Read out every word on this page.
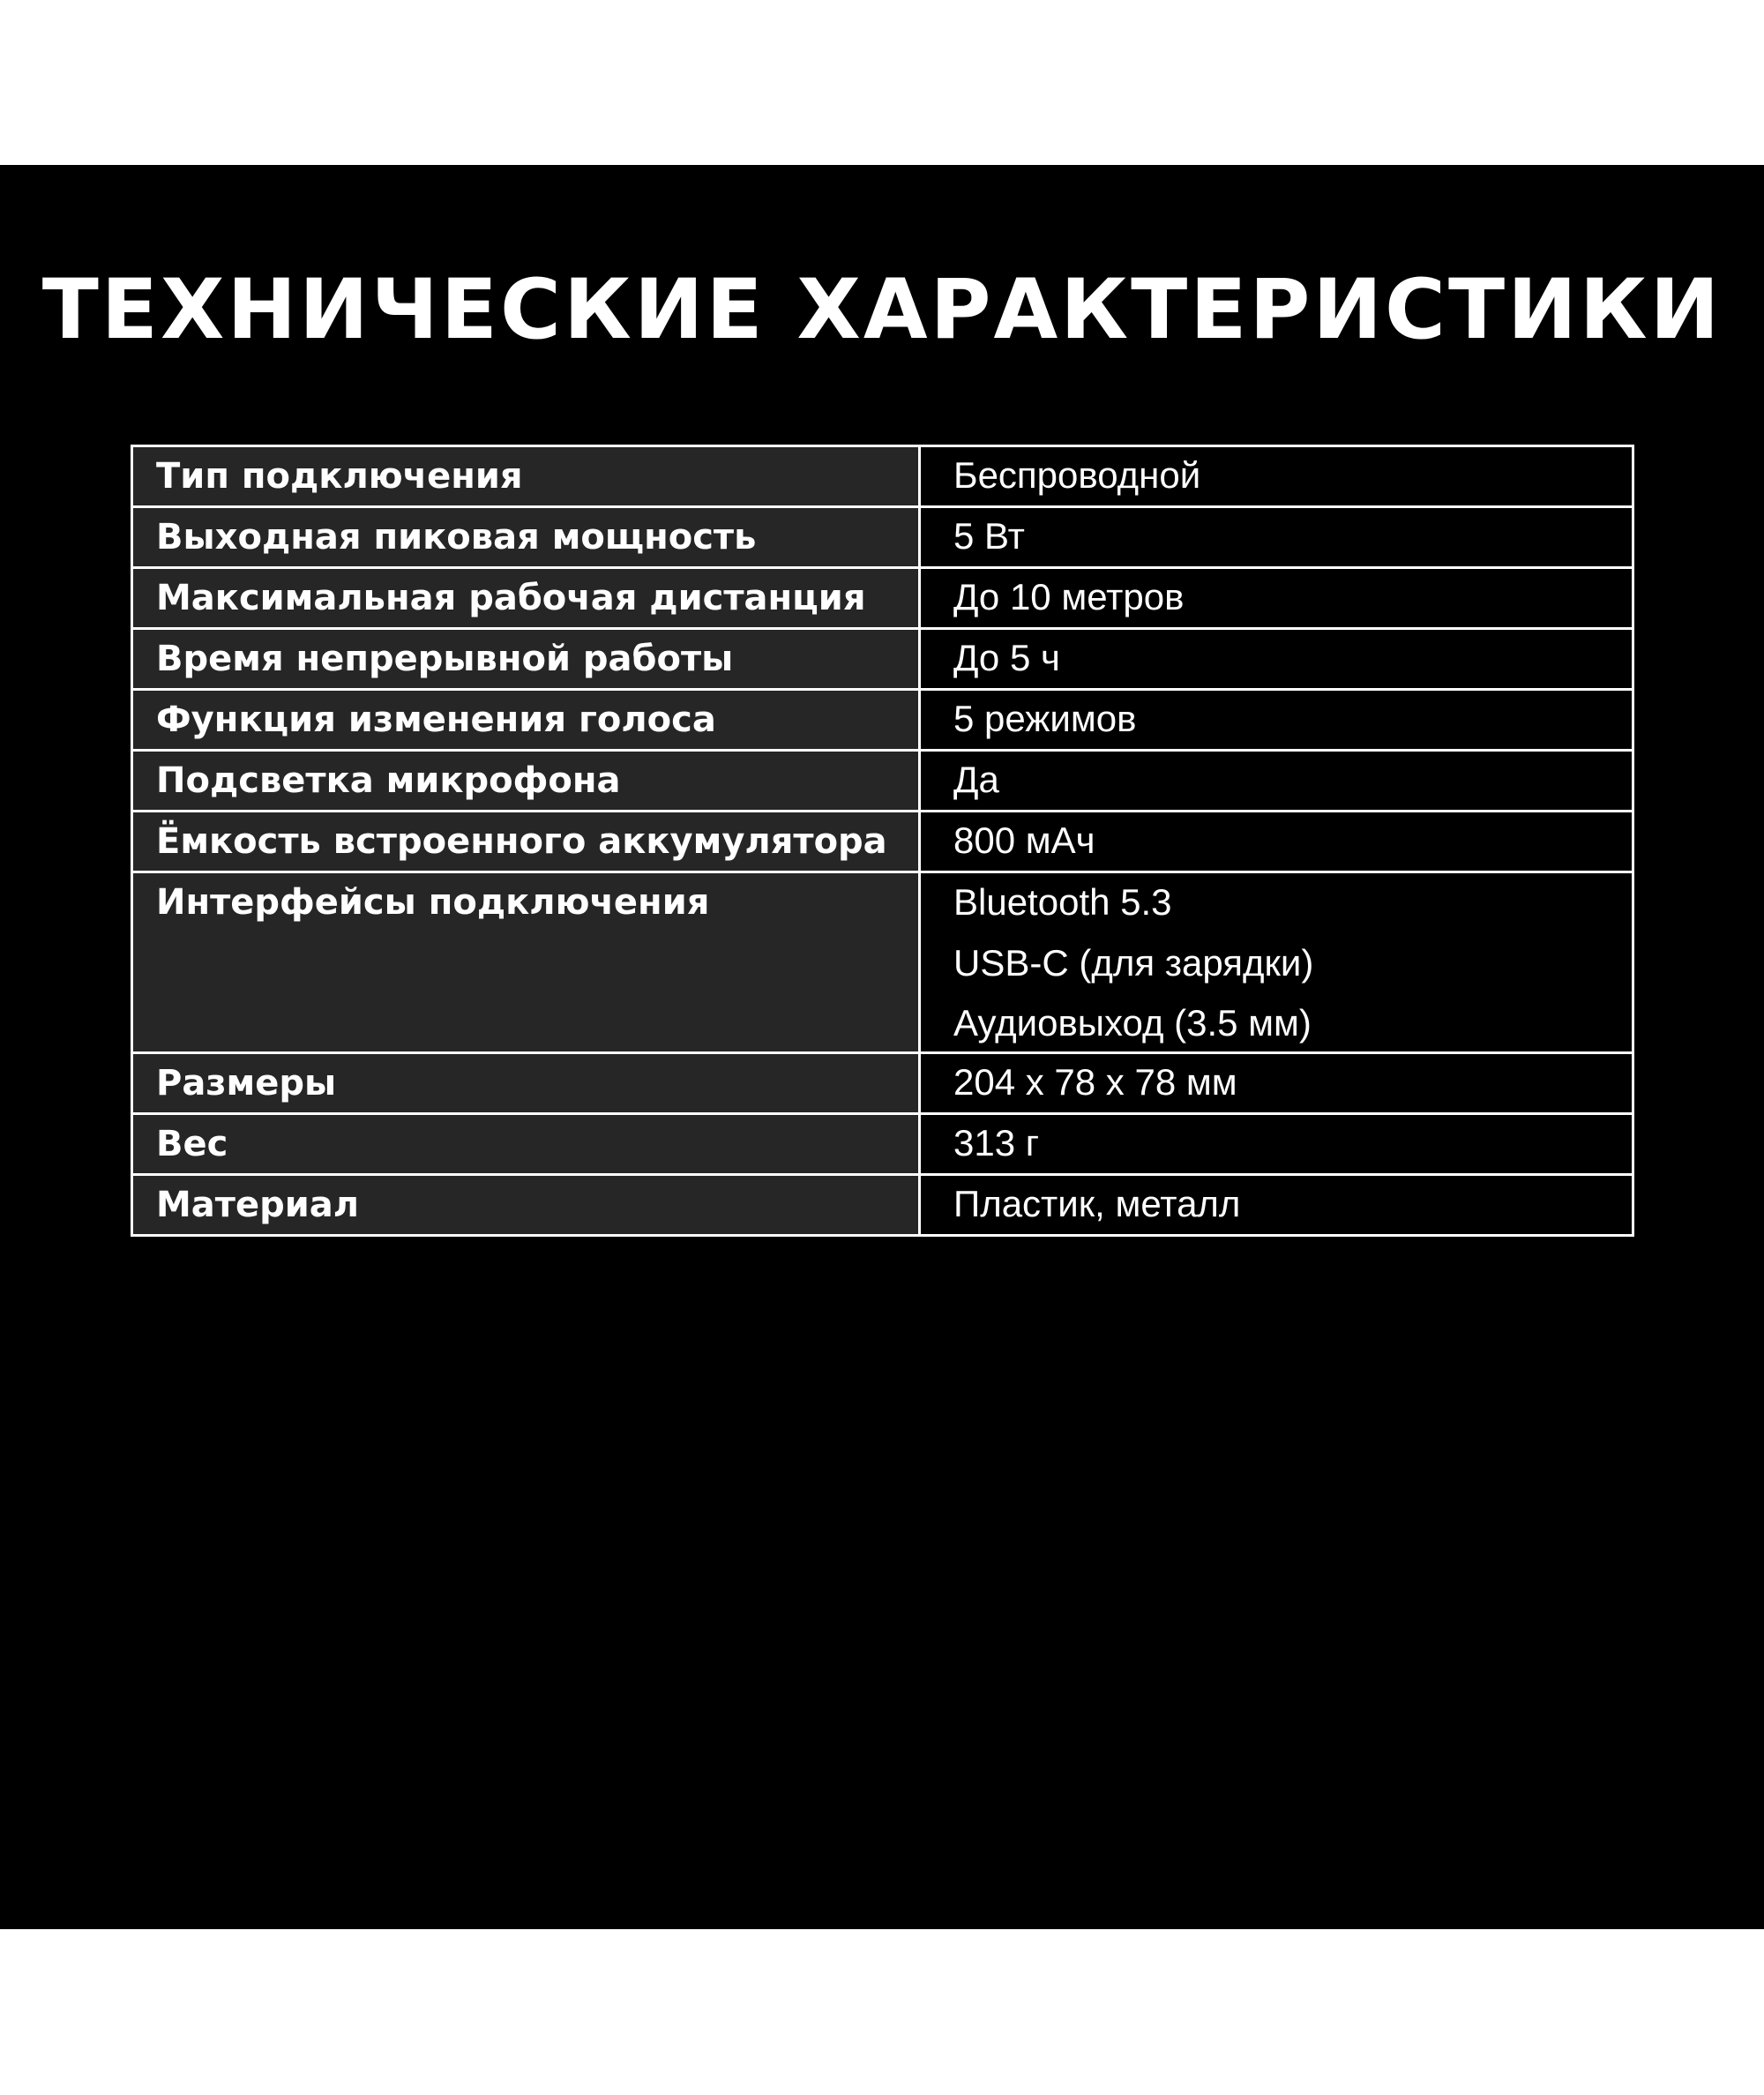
ТЕХНИЧЕСКИЕ ХАРАКТЕРИСТИКИ
Тип подключения	Беспроводной

Выходная пиковая мощность	5 Вт

Максимальная рабочая дистанция	До 10 метров

Время непрерывной работы	До 5 ч

Функция изменения голоса	5 режимов

Подсветка микрофона	Да

Ёмкость встроенного аккумулятора	800 мАч

Интерфейсы подключения	Bluetooth 5.3
USB-C (для зарядки)
Аудиовыход (3.5 мм)

Размеры	204 x 78 x 78 мм

Вес	313 г

Материал	Пластик, металл
